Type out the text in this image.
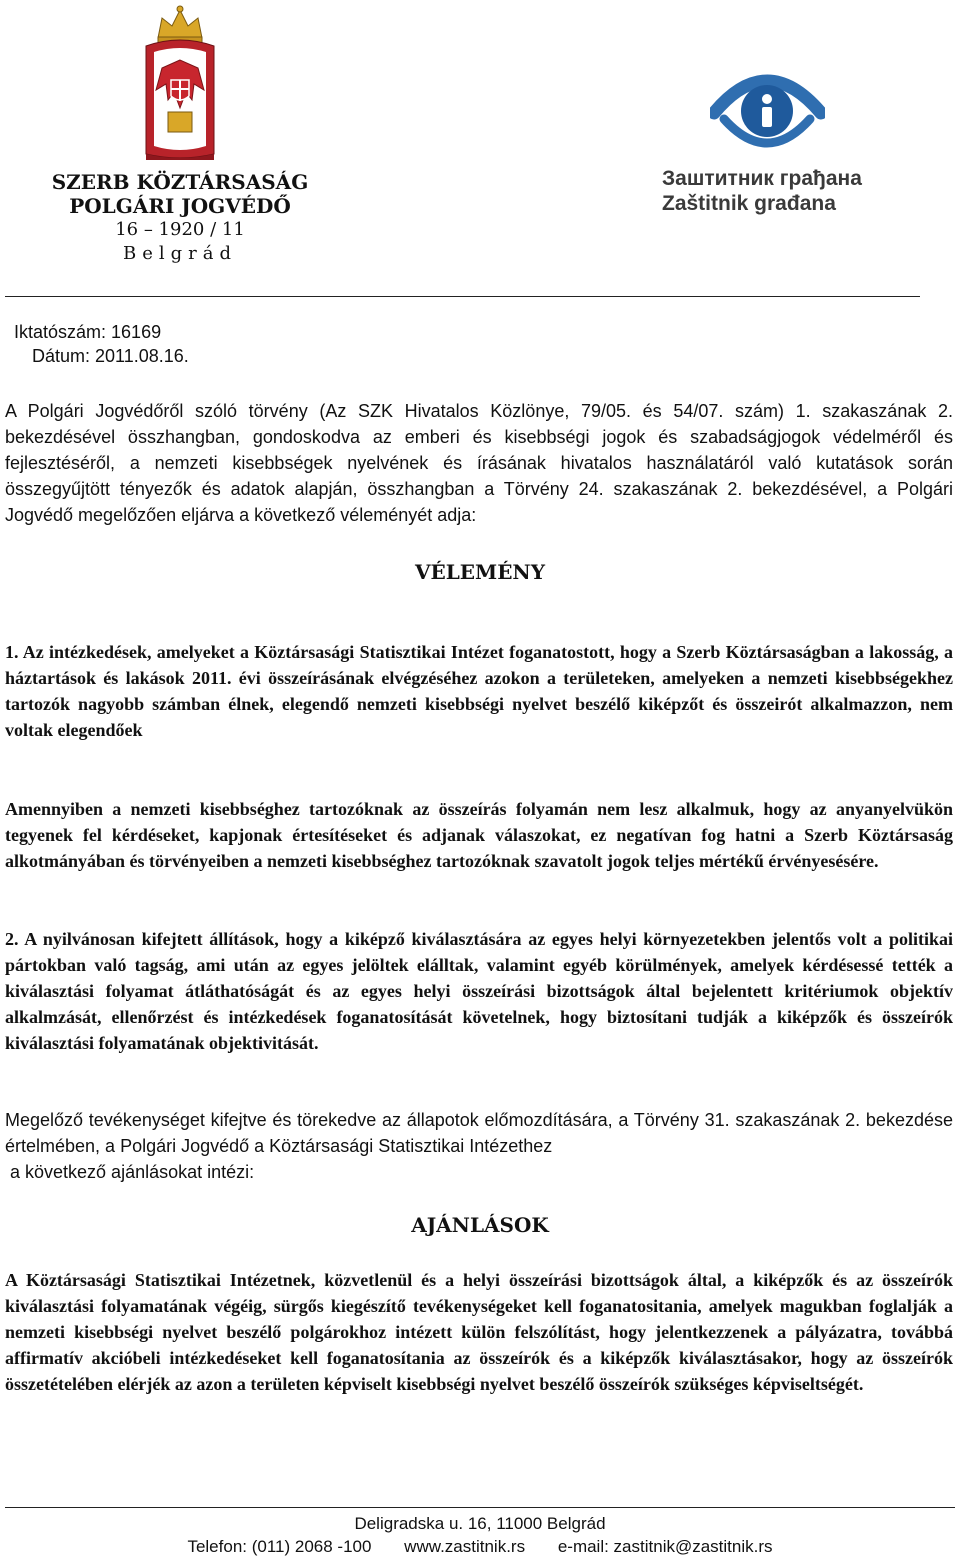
SZERB KÖZTÁRSASÁG
POLGÁRI JOGVÉDŐ
16 – 1920 / 11
Belgrád
Заштитник грађана
Zaštitnik građana
Iktatószám: 16169
Dátum: 2011.08.16.
A Polgári Jogvédőről szóló törvény (Az SZK Hivatalos Közlönye, 79/05. és 54/07. szám) 1. szakaszának 2. bekezdésével összhangban, gondoskodva az emberi és kisebbségi jogok és szabadságjogok védelméről és fejlesztéséről, a nemzeti kisebbségek nyelvének és írásának hivatalos használatáról való kutatások során összegyűjtött tényezők és adatok alapján, összhangban a Törvény 24. szakaszának 2. bekezdésével, a Polgári Jogvédő megelőzően eljárva a következő véleményét adja:
VÉLEMÉNY
1. Az intézkedések, amelyeket a Köztársasági Statisztikai Intézet foganatostott, hogy a Szerb Köztársaságban a lakosság, a háztartások és lakások 2011. évi összeírásának elvégzéséhez azokon a területeken, amelyeken a nemzeti kisebbségekhez tartozók nagyobb számban élnek, elegendő nemzeti kisebbségi nyelvet beszélő kiképzőt és összeirót alkalmazzon, nem voltak elegendőek
Amennyiben a nemzeti kisebbséghez tartozóknak az összeírás folyamán nem lesz alkalmuk, hogy az anyanyelvükön tegyenek fel kérdéseket, kapjonak értesítéseket és adjanak válaszokat, ez negatívan fog hatni a Szerb Köztársaság alkotmányában és törvényeiben a nemzeti kisebbséghez tartozóknak szavatolt jogok teljes mértékű érvényesésére.
2. A nyilvánosan kifejtett állítások, hogy a kiképző kiválasztására az egyes helyi környezetekben jelentős volt a politikai pártokban való tagság, ami után az egyes jelöltek elálltak, valamint egyéb körülmények, amelyek kérdésessé tették a kiválasztási folyamat átláthatóságát és az egyes helyi összeírási bizottságok által bejelentett kritériumok objektív alkalmzását, ellenőrzést és intézkedések foganatosítását követelnek, hogy biztosítani tudják a kiképzők és összeírók kiválasztási folyamatának objektivitását.
Megelőző tevékenységet kifejtve és törekedve az állapotok előmozdítására, a Törvény 31. szakaszának 2. bekezdése értelmében, a Polgári Jogvédő a Köztársasági Statisztikai Intézethez
a következő ajánlásokat intézi:
AJÁNLÁSOK
A Köztársasági Statisztikai Intézetnek, közvetlenül és a helyi összeírási bizottságok által, a kiképzők és az összeírók kiválasztási folyamatának végéig, sürgős kiegészítő tevékenységeket kell foganatositania, amelyek magukban foglalják a nemzeti kisebbségi nyelvet beszélő polgárokhoz intézett külön felszólítást, hogy jelentkezzenek a pályázatra, továbbá affirmatív akcióbeli intézkedéseket kell foganatosítania az összeírók és a kiképzők kiválasztásakor, hogy az összeírók összetételében elérjék az azon a területen képviselt kisebbségi nyelvet beszélő összeírók szükséges képviseltségét.
Deligradska u. 16, 11000 Belgrád
Telefon: (011) 2068 -100 www.zastitnik.rs e-mail: zastitnik@zastitnik.rs
